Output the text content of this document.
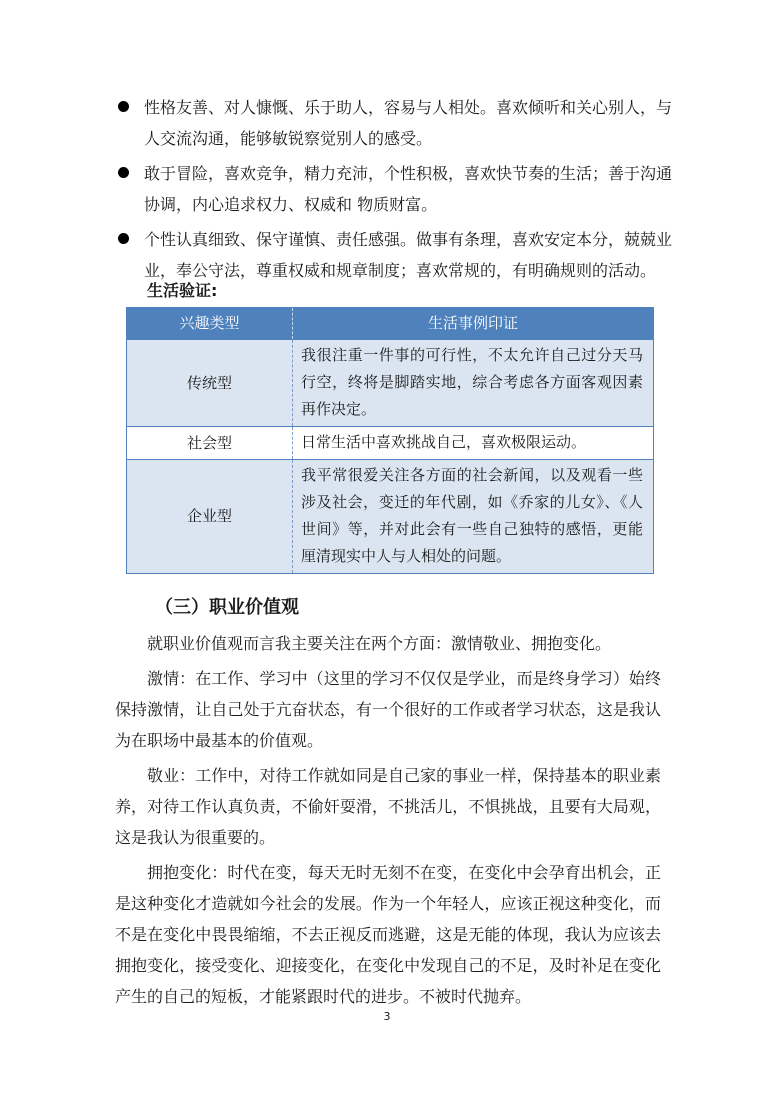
性格友善、对人慷慨、乐于助人，容易与人相处。喜欢倾听和关心别人，与人交流沟通，能够敏锐察觉别人的感受。
敢于冒险，喜欢竞争，精力充沛，个性积极，喜欢快节奏的生活；善于沟通协调，内心追求权力、权威和 物质财富。
个性认真细致、保守谨慎、责任感强。做事有条理，喜欢安定本分，兢兢业业，奉公守法，尊重权威和规章制度；喜欢常规的，有明确规则的活动。
生活验证:
兴趣类型	生活事例印证
传统型
我很注重一件事的可行性，不太允许自己过分天马行空，终将是脚踏实地，综合考虑各方面客观因素再作决定。
社会型	日常生活中喜欢挑战自己，喜欢极限运动。
企业型
我平常很爱关注各方面的社会新闻，以及观看一些涉及社会，变迁的年代剧，如《乔家的儿女》、《人世间》等，并对此会有一些自己独特的感悟，更能厘清现实中人与人相处的问题。
（三）职业价值观

就职业价值观而言我主要关注在两个方面：激情敬业、拥抱变化。

激情：在工作、学习中（这里的学习不仅仅是学业，而是终身学习）始终保持激情，让自己处于亢奋状态，有一个很好的工作或者学习状态，这是我认为在职场中最基本的价值观。

敬业：工作中，对待工作就如同是自己家的事业一样，保持基本的职业素养，对待工作认真负责，不偷奸耍滑，不挑活儿，不惧挑战，且要有大局观，这是我认为很重要的。

拥抱变化：时代在变，每天无时无刻不在变，在变化中会孕育出机会，正是这种变化才造就如今社会的发展。作为一个年轻人，应该正视这种变化，而不是在变化中畏畏缩缩，不去正视反而逃避，这是无能的体现，我认为应该去拥抱变化，接受变化、迎接变化，在变化中发现自己的不足，及时补足在变化产生的自己的短板，才能紧跟时代的进步。不被时代抛弃。

3
